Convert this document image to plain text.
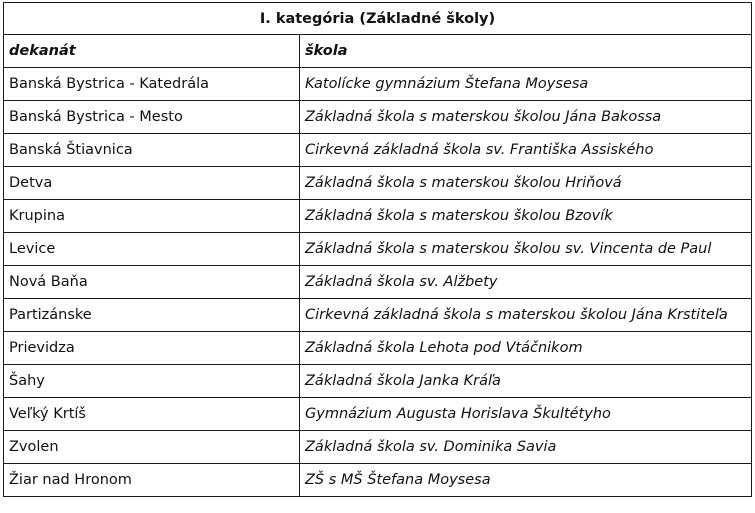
I. kategória (Základné školy)	
dekanát	škola
Banská Bystrica - Katedrála	Katolícke gymnázium Štefana Moysesa
Banská Bystrica - Mesto	Základná škola s materskou školou Jána Bakossa
Banská Štiavnica	Cirkevná základná škola sv. Františka Assiského
Detva	Základná škola s materskou školou Hriňová
Krupina	Základná škola s materskou školou Bzovík
Levice	Základná škola s materskou školou sv. Vincenta de Paul
Nová Baňa	Základná škola sv. Alžbety
Partizánske	Cirkevná základná škola s materskou školou Jána Krstiteľa
Prievidza	Základná škola Lehota pod Vtáčnikom
Šahy	Základná škola Janka Kráľa
Veľký Krtíš	Gymnázium Augusta Horislava Škultétyho
Zvolen	Základná škola sv. Dominika Savia
Žiar nad Hronom	ZŠ s MŠ Štefana Moysesa
